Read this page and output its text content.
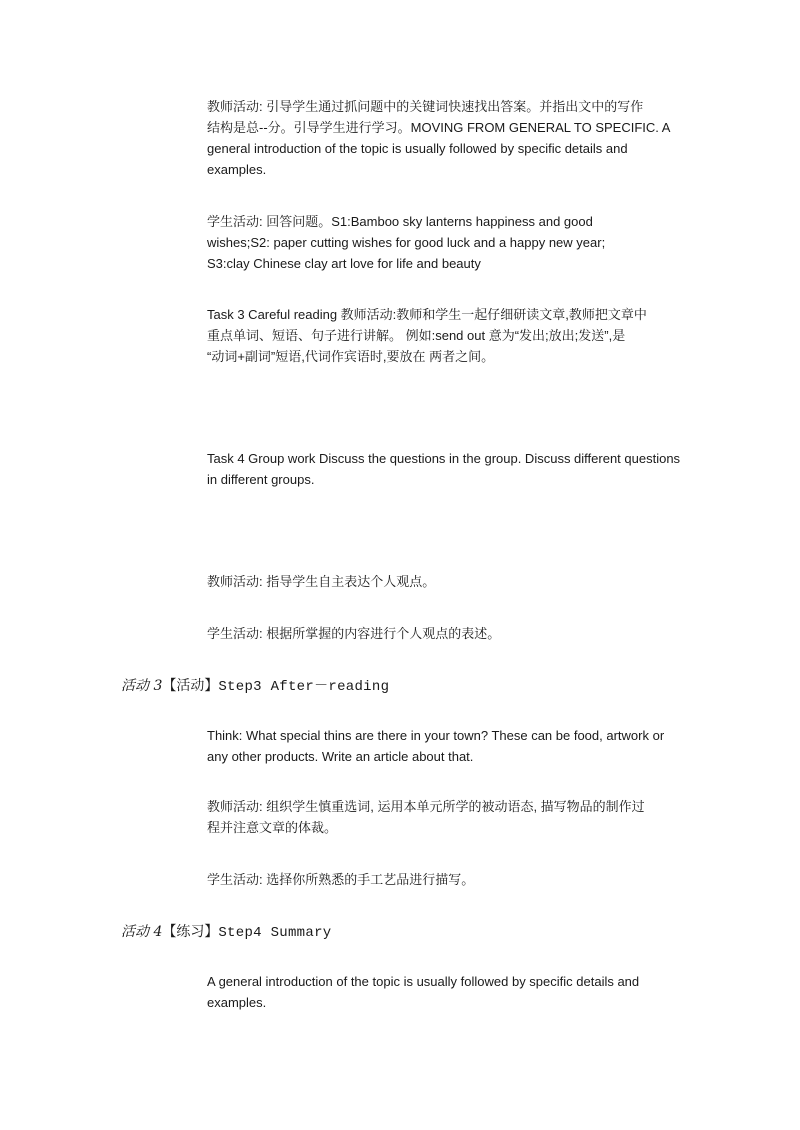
教师活动: 引导学生通过抓问题中的关键词快速找出答案。并指出文中的写作
结构是总--分。引导学生进行学习。MOVING FROM GENERAL TO SPECIFIC. A
general introduction of the topic is usually followed by specific details and
examples.
学生活动: 回答问题。S1:Bamboo sky lanterns happiness and good
wishes;S2: paper cutting wishes for good luck and a happy new year;
S3:clay Chinese clay art love for life and beauty
Task 3 Careful reading 教师活动:教师和学生一起仔细研读文章,教师把文章中
重点单词、短语、句子进行讲解。 例如:send out 意为“发出;放出;发送”,是
“动词+副词”短语,代词作宾语时,要放在 两者之间。
Task 4 Group work Discuss the questions in the group. Discuss different questions
in different groups.
教师活动: 指导学生自主表达个人观点。
学生活动: 根据所掌握的内容进行个人观点的表述。
活动 3【活动】Step3 After－reading
Think: What special thins are there in your town? These can be food, artwork or
any other products. Write an article about that.
教师活动: 组织学生慎重选词, 运用本单元所学的被动语态, 描写物品的制作过
程并注意文章的体裁。
学生活动: 选择你所熟悉的手工艺品进行描写。
活动 4【练习】Step4 Summary
A general introduction of the topic is usually followed by specific details and
examples.
